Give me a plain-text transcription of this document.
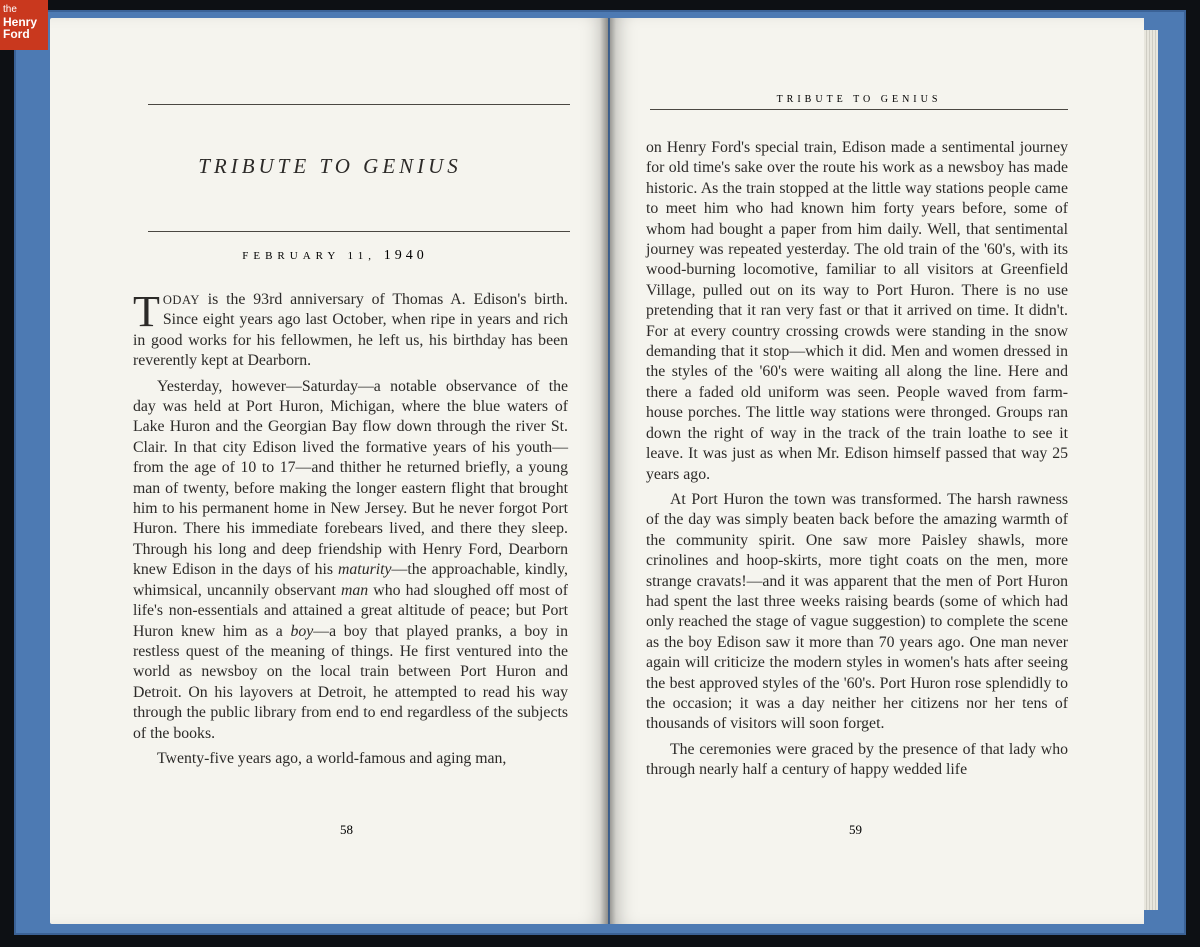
the
Henry
Ford
TRIBUTE TO GENIUS
FEBRUARY 11, 1940

TODAY is the 93rd anniversary of Thomas A. Edison's birth. Since eight years ago last October, when ripe in years and rich in good works for his fellowmen, he left us, his birthday has been reverently kept at Dearborn.

Yesterday, however—Saturday—a notable observance of the day was held at Port Huron, Michigan, where the blue waters of Lake Huron and the Georgian Bay flow down through the river St. Clair. In that city Edison lived the formative years of his youth—from the age of 10 to 17—and thither he returned briefly, a young man of twenty, before making the longer eastern flight that brought him to his permanent home in New Jersey. But he never forgot Port Huron. There his immediate forebears lived, and there they sleep. Through his long and deep friendship with Henry Ford, Dearborn knew Edison in the days of his maturity—the approachable, kindly, whimsical, uncannily observant man who had sloughed off most of life's non-essentials and attained a great altitude of peace; but Port Huron knew him as a boy—a boy that played pranks, a boy in restless quest of the meaning of things. He first ventured into the world as newsboy on the local train between Port Huron and Detroit. On his layovers at Detroit, he attempted to read his way through the public library from end to end regardless of the subjects of the books.

Twenty-five years ago, a world-famous and aging man,

58
TRIBUTE TO GENIUS

on Henry Ford's special train, Edison made a sentimental journey for old time's sake over the route his work as a newsboy has made historic. As the train stopped at the little way stations people came to meet him who had known him forty years before, some of whom had bought a paper from him daily. Well, that sentimental journey was repeated yesterday. The old train of the '60's, with its wood-burning locomotive, familiar to all visitors at Greenfield Village, pulled out on its way to Port Huron. There is no use pretending that it ran very fast or that it arrived on time. It didn't. For at every country crossing crowds were standing in the snow demanding that it stop—which it did. Men and women dressed in the styles of the '60's were waiting all along the line. Here and there a faded old uniform was seen. People waved from farm-house porches. The little way stations were thronged. Groups ran down the right of way in the track of the train loathe to see it leave. It was just as when Mr. Edison himself passed that way 25 years ago.

At Port Huron the town was transformed. The harsh rawness of the day was simply beaten back before the amazing warmth of the community spirit. One saw more Paisley shawls, more crinolines and hoop-skirts, more tight coats on the men, more strange cravats!—and it was apparent that the men of Port Huron had spent the last three weeks raising beards (some of which had only reached the stage of vague suggestion) to complete the scene as the boy Edison saw it more than 70 years ago. One man never again will criticize the modern styles in women's hats after seeing the best approved styles of the '60's. Port Huron rose splendidly to the occasion; it was a day neither her citizens nor her tens of thousands of visitors will soon forget.

The ceremonies were graced by the presence of that lady who through nearly half a century of happy wedded life

59
